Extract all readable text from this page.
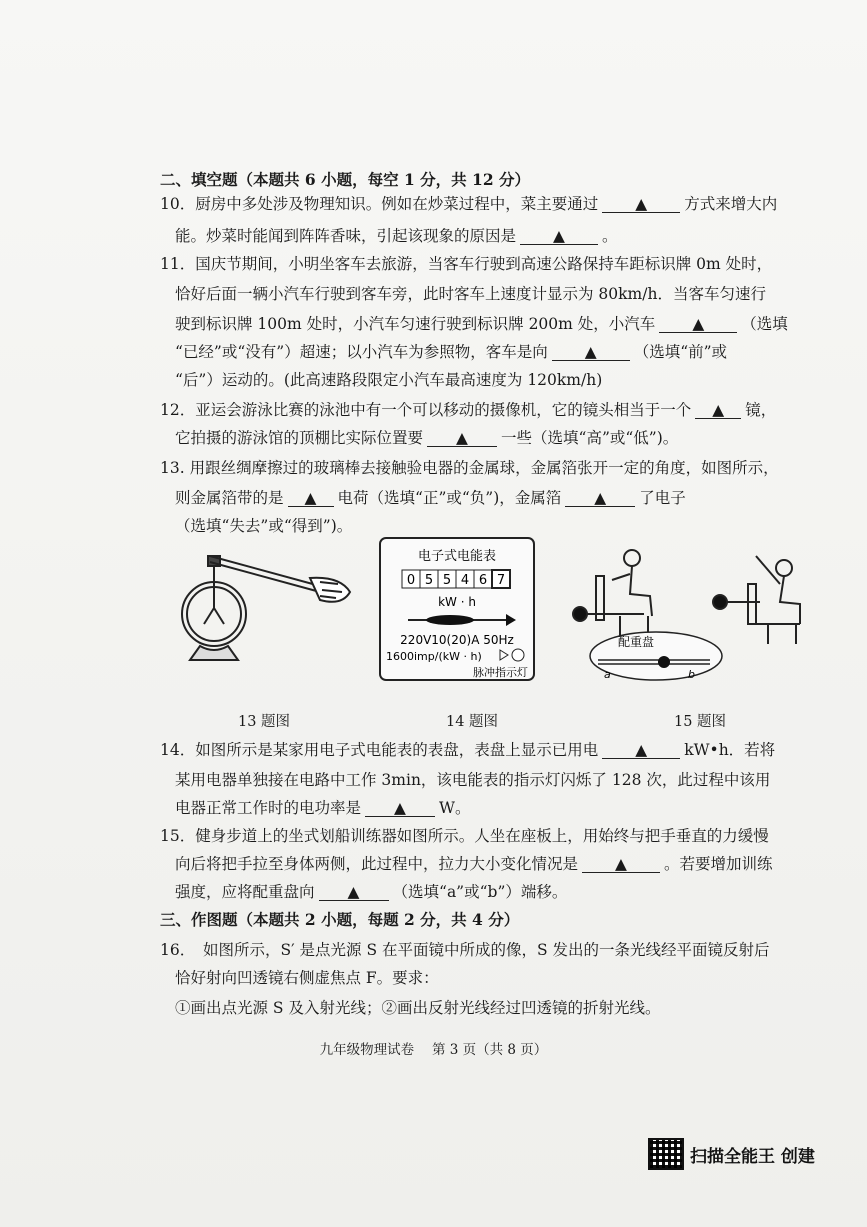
二、填空题（本题共 6 小题，每空 1 分，共 12 分）
10．厨房中多处涉及物理知识。例如在炒菜过程中，菜主要通过 ▲ 方式来增大内
能。炒菜时能闻到阵阵香味，引起该现象的原因是 ▲ 。
11．国庆节期间，小明坐客车去旅游，当客车行驶到高速公路保持车距标识牌 0m 处时，
恰好后面一辆小汽车行驶到客车旁，此时客车上速度计显示为 80km/h．当客车匀速行
驶到标识牌 100m 处时，小汽车匀速行驶到标识牌 200m 处，小汽车 ▲ （选填
“已经”或“没有”）超速；以小汽车为参照物，客车是向 ▲ （选填“前”或
“后”）运动的。(此高速路段限定小汽车最高速度为 120km/h)
12．亚运会游泳比赛的泳池中有一个可以移动的摄像机，它的镜头相当于一个 ▲ 镜，
它拍摄的游泳馆的顶棚比实际位置要 ▲ 一些（选填“高”或“低”)。
13. 用跟丝绸摩擦过的玻璃棒去接触验电器的金属球，金属箔张开一定的角度，如图所示，
则金属箔带的是 ▲ 电荷（选填“正”或“负”)，金属箔 ▲ 了电子
（选填“失去”或“得到”)。
电子式电能表
0 5 5 4 6 7
kW · h
220V10(20)A 50Hz
1600imp/(kW · h)
脉冲指示灯
配重盘
a	b
13 题图	14 题图	15 题图
14．如图所示是某家用电子式电能表的表盘，表盘上显示已用电 ▲ kW•h．若将
某用电器单独接在电路中工作 3min，该电能表的指示灯闪烁了 128 次，此过程中该用
电器正常工作时的电功率是 ▲ W。
15．健身步道上的坐式划船训练器如图所示。人坐在座板上，用始终与把手垂直的力缓慢
向后将把手拉至身体两侧，此过程中，拉力大小变化情况是 ▲ 。若要增加训练
强度，应将配重盘向 ▲ （选填“a”或“b”）端移。
三、作图题（本题共 2 小题，每题 2 分，共 4 分）
16．　如图所示，S′ 是点光源 S 在平面镜中所成的像，S 发出的一条光线经平面镜反射后
恰好射向凹透镜右侧虚焦点 F。要求：
①画出点光源 S 及入射光线；②画出反射光线经过凹透镜的折射光线。
九年级物理试卷　 第 3 页（共 8 页）
扫描全能王 创建
